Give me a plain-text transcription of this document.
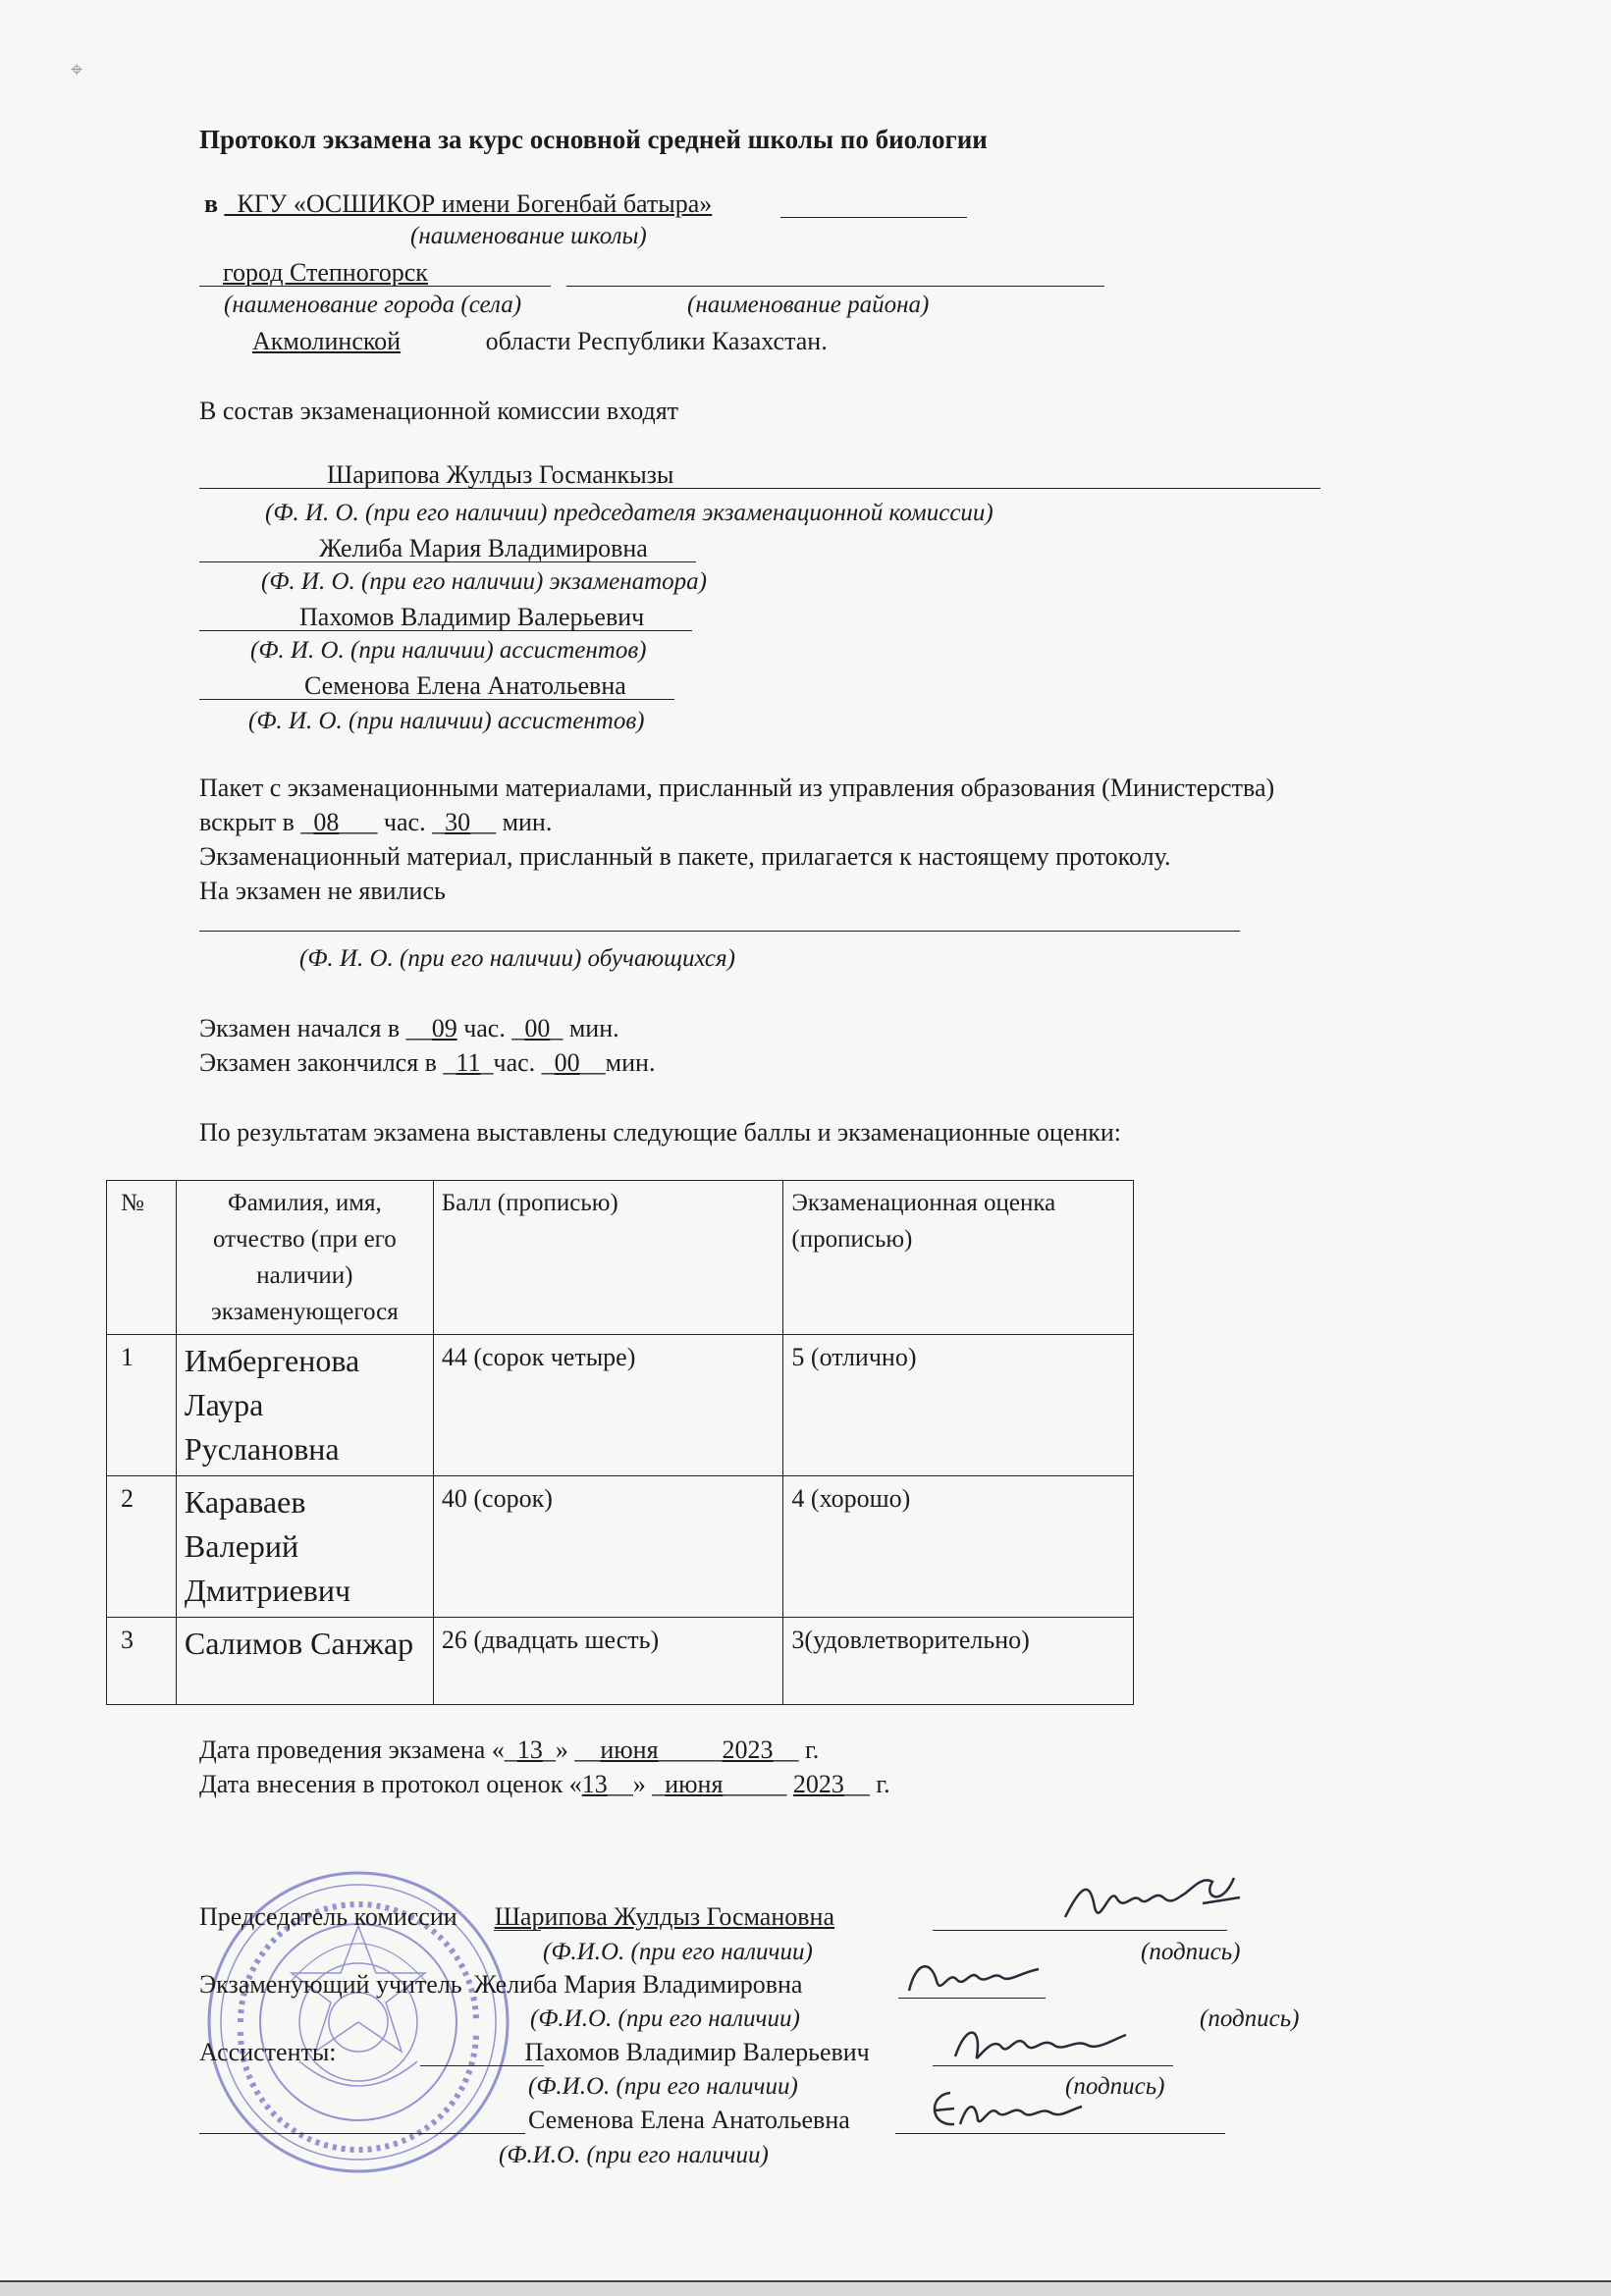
⌖
Протокол экзамена за курс основной средней школы по биологии
в _КГУ «ОСШИКОР имени Богенбай батыра»
(наименование школы)
город Степногорск
(наименование города (села)	(наименование района)
Акмолинской	области Республики Казахстан.
В состав экзаменационной комиссии входят
Шарипова Жулдыз Госманкызы
(Ф. И. О. (при его наличии) председателя экзаменационной комиссии)
Желиба Мария Владимировна
(Ф. И. О. (при его наличии) экзаменатора)
Пахомов Владимир Валерьевич
(Ф. И. О. (при наличии) ассистентов)
Семенова Елена Анатольевна
(Ф. И. О. (при наличии) ассистентов)
Пакет с экзаменационными материалами, присланный из управления образования (Министерства)
вскрыт в _08___ час. _30__ мин.
Экзаменационный материал, присланный в пакете, прилагается к настоящему протоколу.
На экзамен не явились
(Ф. И. О. (при его наличии) обучающихся)
Экзамен начался в __09 час. _00_ мин.
Экзамен закончился в _11_час. _00__мин.
По результатам экзамена выставлены следующие баллы и экзаменационные оценки:
№	Фамилия, имя, отчество (при его наличии) экзаменующегося	Балл (прописью)	Экзаменационная оценка (прописью)
1	Имбергенова Лаура Руслановна	44 (сорок четыре)	5 (отлично)
2	Караваев Валерий Дмитриевич	40 (сорок)	4 (хорошо)
3	Салимов Санжар	26 (двадцать шесть)	3(удовлетворительно)
Дата проведения экзамена «_13_» __июня_____2023__ г.
Дата внесения в протокол оценок «13__» _июня_____ 2023__ г.
Председатель комиссии Шарипова Жулдыз Госмановна
(Ф.И.О. (при его наличии)	(подпись)
Экзаменующий учитель Желиба Мария Владимировна
(Ф.И.О. (при его наличии)	(подпись)
Ассистенты:	Пахомов Владимир Валерьевич
(Ф.И.О. (при его наличии)	(подпись)
Семенова Елена Анатольевна
(Ф.И.О. (при его наличии)
